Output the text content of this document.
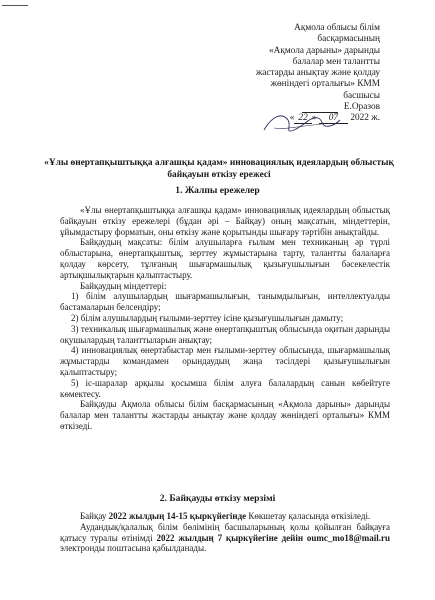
Ақмола облысы білім
басқармасының
«Ақмола дарыны» дарынды
балалар мен талантты
жастарды анықтау және қолдау
жөніндегі орталығы» КММ
басшысы
Е.Оразов
« 22 » 07 2022 ж.
«Ұлы өнертапқыштыққа алғашқы қадам» инновациялық идеялардың облыстық байқауын өткізу ережесі
1. Жалпы ережелер

«Ұлы өнертапқыштыққа алғашқы қадам» инновациялық идеялардың облыстық байқауын өткізу ережелері (бұдан әрі – Байқау) оның мақсатын, міндеттерін, ұйымдастыру форматын, оны өткізу және қорытынды шығару тәртібін анықтайды.

Байқаудың мақсаты: білім алушыларға ғылым мен техниканың әр түрлі облыстарына, өнертапқыштық, зерттеу жұмыстарына тарту, талантты балаларға қолдау көрсету, тұлғаның шығармашылық қызығушылығын бәсекелестік артықшылықтарын қалыптастыру.

Байқаудың міндеттері:

1) білім алушылардың шығармашылығын, танымдылығын, интеллектуалды бастамаларын белсендіру;

2) білім алушылардың ғылыми-зерттеу ісіне қызығушылығын дамыту;

3) техникалық шығармашылық және өнертапқыштық облысында оқитын дарынды оқушылардың таланттыларын анықтау;

4) инновациялық өнертабыстар мен ғылыми-зерттеу облысында, шығармашылық жұмыстарды командамен орындаудың жаңа тәсілдері қызығушылығын қалыптастыру;

5) іс-шаралар арқылы қосымша білім алуға балалардың санын көбейтуге көмектесу.

Байқауды Ақмола облысы білім басқармасының «Ақмола дарыны» дарынды балалар мен талантты жастарды анықтау және қолдау жөніндегі орталығы» КММ өткізеді.

2. Байқауды өткізу мерзімі

Байқау 2022 жылдың 14-15 қыркүйегінде Көкшетау қаласында өткізіледі.

Аудандық/қалалық білім бөлімінің басшыларының қолы қойылған байқауға қатысу туралы өтінімді 2022 жылдың 7 қыркүйегіне дейін oumc_mo18@mail.ru электронды поштасына қабылданады.
